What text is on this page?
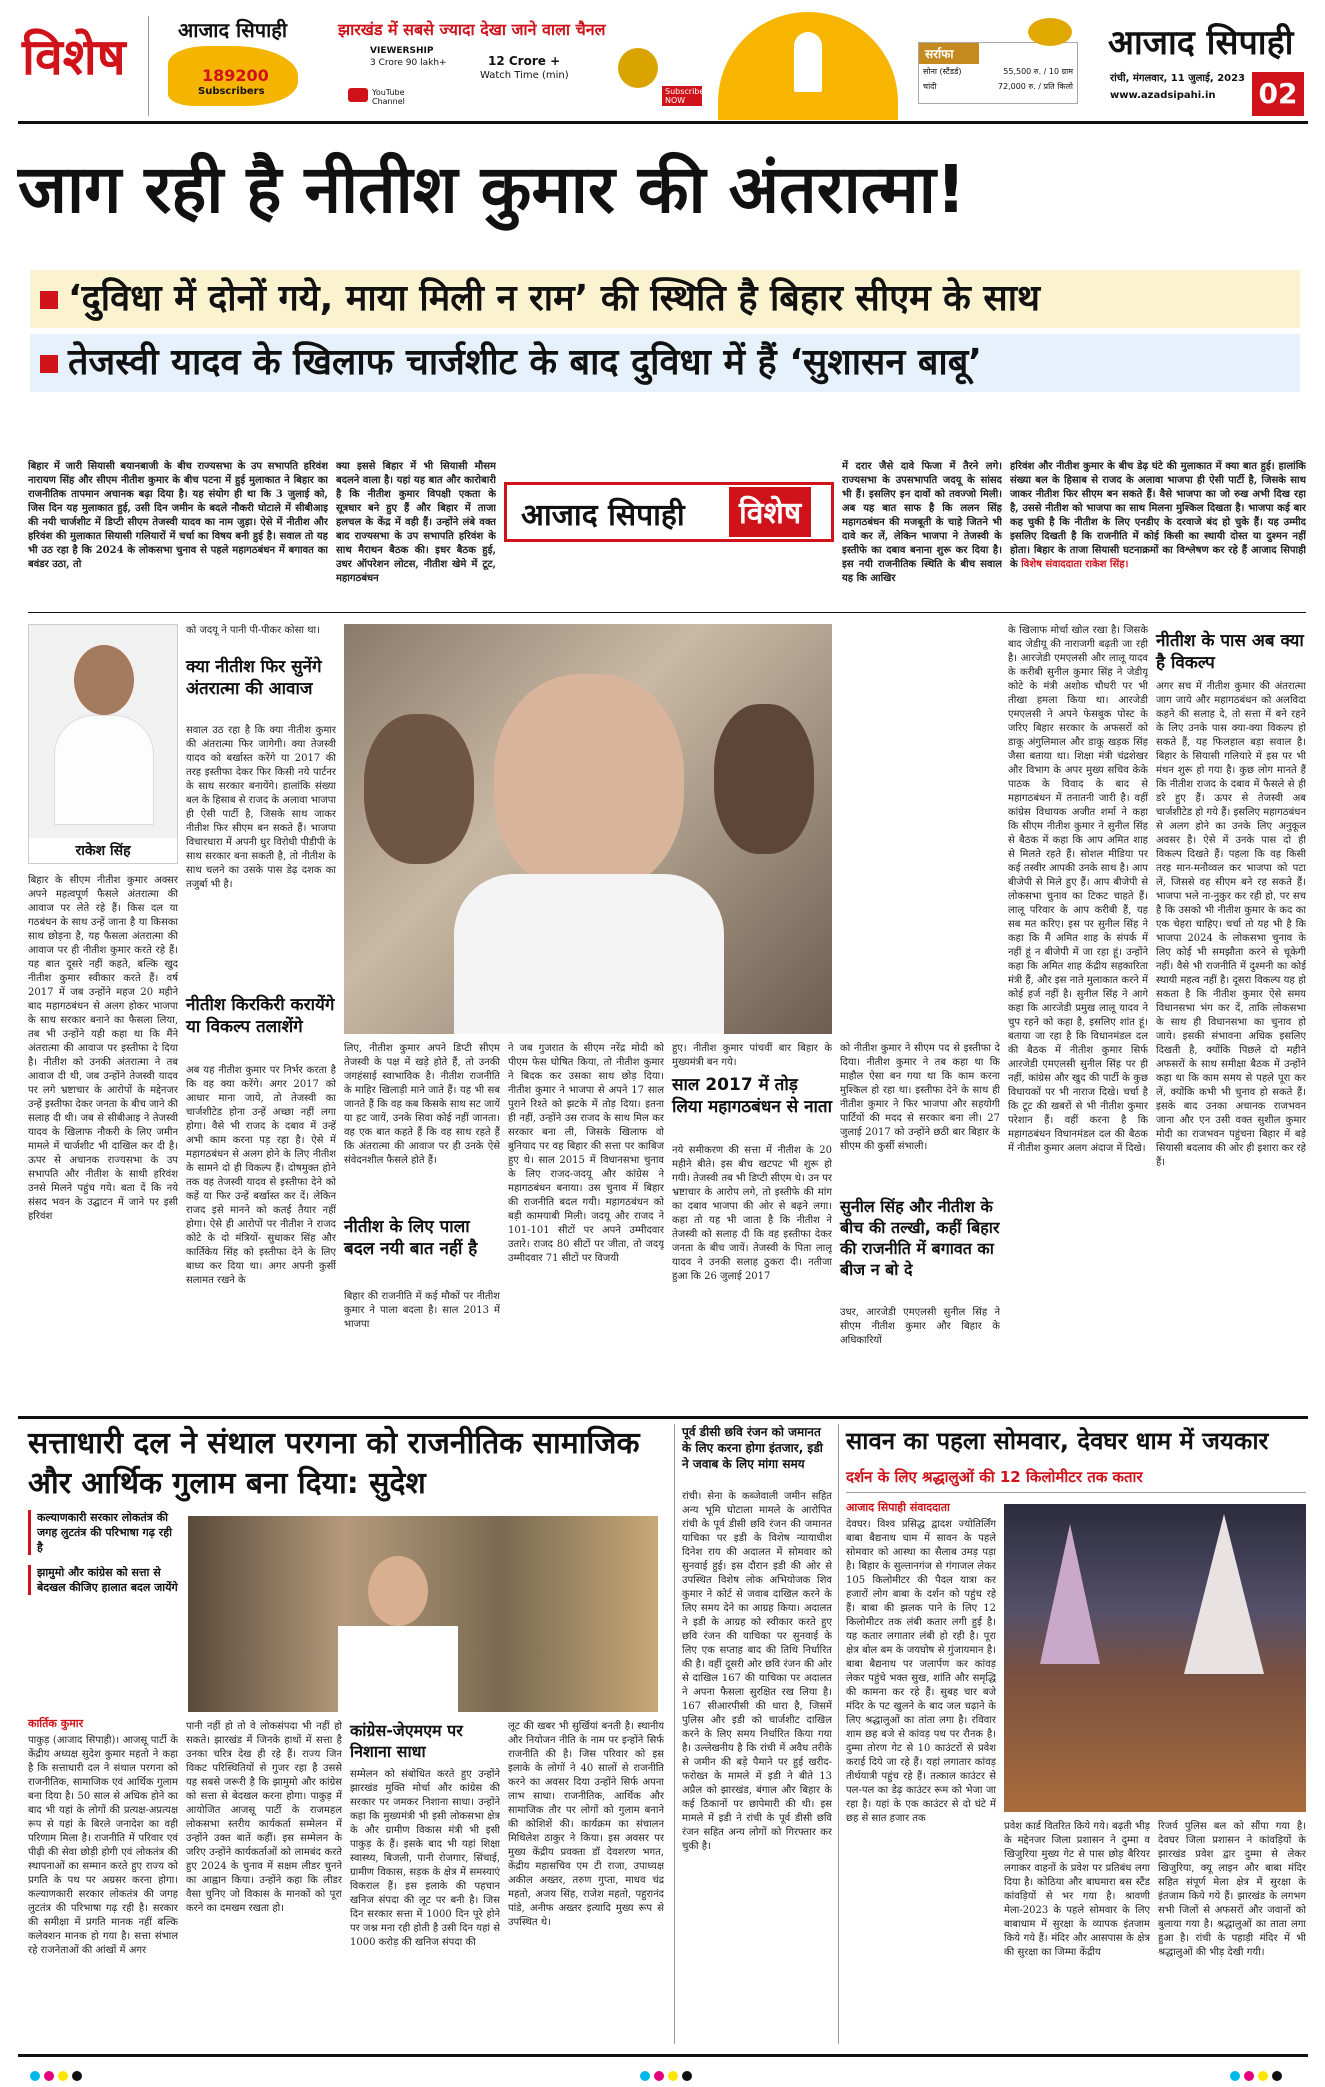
विशेष	आजाद सिपाही	झारखंड में सबसे ज्यादा देखा जाने वाला चैनल
189200
Subscribers
VIEWERSHIP
3 Crore 90 lakh+	12 Crore +
Watch Time (min)
YouTube Channel
Subscribe NOW
सर्राफा
सोना (स्टैंडर्ड)	55,500 रु. / 10 ग्राम
चांदी	72,000 रु. / प्रति किलो
आजाद सिपाही
रांची, मंगलवार, 11 जुलाई, 2023
www.azadsipahi.in 02
जाग रही है नीतीश कुमार की अंतरात्मा!
‘दुविधा में दोनों गये, माया मिली न राम’ की स्थिति है बिहार सीएम के साथ
तेजस्वी यादव के खिलाफ चार्जशीट के बाद दुविधा में हैं ‘सुशासन बाबू’
बिहार में जारी सियासी बयानबाजी के बीच राज्यसभा के उप सभापति हरिवंश नारायण सिंह और सीएम नीतीश कुमार के बीच पटना में हुई मुलाकात ने बिहार का राजनीतिक तापमान अचानक बढ़ा दिया है। यह संयोग ही था कि 3 जुलाई को, जिस दिन यह मुलाकात हुई, उसी दिन जमीन के बदले नौकरी घोटाले में सीबीआइ की नयी चार्जशीट में डिप्टी सीएम तेजस्वी यादव का नाम जुड़ा। ऐसे में नीतीश और हरिवंश की मुलाकात सियासी गलियारों में चर्चा का विषय बनी हुई है। सवाल तो यह भी उठ रहा है कि 2024 के लोकसभा चुनाव से पहले महागठबंधन में बगावत का बवंडर उठा, तो
क्या इससे बिहार में भी सियासी मौसम बदलने वाला है। यहां यह बात और कारोबारी है कि नीतीश कुमार विपक्षी एकता के सूत्रधार बने हुए हैं और बिहार में ताजा हलचल के केंद्र में वही हैं। उन्होंने लंबे वक्त बाद राज्यसभा के उप सभापति हरिवंश के साथ मैराथन बैठक की। इधर बैठक हुई, उधर ऑपरेशन लोटस, नीतीश खेमे में टूट, महागठबंधन
आजाद सिपाही	विशेष
में दरार जैसे दावे फिजा में तैरने लगे। राज्यसभा के उपसभापति जदयू के सांसद भी हैं। इसलिए इन दावों को तवज्जो मिली। अब यह बात साफ है कि ललन सिंह महागठबंधन की मजबूती के चाहे जितने भी दावे कर लें, लेकिन भाजपा ने तेजस्वी के इस्तीफे का दबाव बनाना शुरू कर दिया है। इस नयी राजनीतिक स्थिति के बीच सवाल यह कि आखिर
हरिवंश और नीतीश कुमार के बीच डेढ़ घंटे की मुलाकात में क्या बात हुई। हालांकि संख्या बल के हिसाब से राजद के अलावा भाजपा ही ऐसी पार्टी है, जिसके साथ जाकर नीतीश फिर सीएम बन सकते हैं। वैसे भाजपा का जो रुख अभी दिख रहा है, उससे नीतीश को भाजपा का साथ मिलना मुश्किल दिखता है। भाजपा कई बार कह चुकी है कि नीतीश के लिए एनडीए के दरवाजे बंद हो चुके हैं। यह उम्मीद इसलिए दिखती है कि राजनीति में कोई किसी का स्थायी दोस्त या दुश्मन नहीं होता। बिहार के ताजा सियासी घटनाक्रमों का विश्लेषण कर रहे हैं आजाद सिपाही के विशेष संवाददाता राकेश सिंह।
राकेश सिंह
बिहार के सीएम नीतीश कुमार अक्सर अपने महत्वपूर्ण फैसले अंतरात्मा की आवाज पर लेते रहे हैं। किस दल या गठबंधन के साथ उन्हें जाना है या किसका साथ छोड़ना है, यह फैसला अंतरात्मा की आवाज पर ही नीतीश कुमार करते रहे हैं। यह बात दूसरे नहीं कहते, बल्कि खुद नीतीश कुमार स्वीकार करते हैं। वर्ष 2017 में जब उन्होंने महज 20 महीने बाद महागठबंधन से अलग होकर भाजपा के साथ सरकार बनाने का फैसला लिया, तब भी उन्होंने यही कहा था कि मैंने अंतरात्मा की आवाज पर इस्तीफा दे दिया है। नीतीश को उनकी अंतरात्मा ने तब आवाज दी थी, जब उन्होंने तेजस्वी यादव पर लगे भ्रष्टाचार के आरोपों के मद्देनजर उन्हें इस्तीफा देकर जनता के बीच जाने की सलाह दी थी। जब से सीबीआइ ने तेजस्वी यादव के खिलाफ नौकरी के लिए जमीन मामले में चार्जशीट भी दाखिल कर दी है। ऊपर से अचानक राज्यसभा के उप सभापति और नीतीश के साथी हरिवंश उनसे मिलने पहुंच गये। बता दें कि नये संसद भवन के उद्घाटन में जाने पर इसी हरिवंश
को जदयू ने पानी पी-पीकर कोसा था।
क्या नीतीश फिर सुनेंगे अंतरात्मा की आवाज
सवाल उठ रहा है कि क्या नीतीश कुमार की अंतरात्मा फिर जागेगी। क्या तेजस्वी यादव को बर्खास्त करेंगे या 2017 की तरह इस्तीफा देकर फिर किसी नये पार्टनर के साथ सरकार बनायेंगे। हालांकि संख्या बल के हिसाब से राजद के अलावा भाजपा ही ऐसी पार्टी है, जिसके साथ जाकर नीतीश फिर सीएम बन सकते हैं। भाजपा विचारधारा में अपनी धुर विरोधी पीडीपी के साथ सरकार बना सकती है, तो नीतीश के साथ चलने का उसके पास डेढ़ दशक का तजुर्बा भी है।
नीतीश किरकिरी करायेंगे या विकल्प तलाशेंगे
अब यह नीतीश कुमार पर निर्भर करता है कि वह क्या करेंगे। अगर 2017 को आधार माना जाये, तो तेजस्वी का चार्जशीटेड होना उन्हें अच्छा नहीं लगा होगा। वैसे भी राजद के दबाव में उन्हें अभी काम करना पड़ रहा है। ऐसे में महागठबंधन से अलग होने के लिए नीतीश के सामने दो ही विकल्प हैं। दोषमुक्त होने तक वह तेजस्वी यादव से इस्तीफा देने को कहें या फिर उन्हें बर्खास्त कर दें। लेकिन राजद इसे मानने को कतई तैयार नहीं होगा। ऐसे ही आरोपों पर नीतीश ने राजद कोटे के दो मंत्रियों- सुधाकर सिंह और कार्तिकेय सिंह को इस्तीफा देने के लिए बाध्य कर दिया था। अगर अपनी कुर्सी सलामत रखने के
लिए, नीतीश कुमार अपने डिप्टी सीएम तेजस्वी के पक्ष में खड़े होते हैं, तो उनकी जगहंसाई स्वाभाविक है। नीतीश राजनीति के माहिर खिलाड़ी माने जाते हैं। यह भी सब जानते हैं कि वह कब किसके साथ सट जायें या हट जायें, उनके सिवा कोई नहीं जानता। वह एक बात कहते हैं कि वह साथ रहते हैं कि अंतरात्मा की आवाज पर ही उनके ऐसे संवेदनशील फैसले होते हैं।
नीतीश के लिए पाला बदल नयी बात नहीं है
बिहार की राजनीति में कई मौकों पर नीतीश कुमार ने पाला बदला है। साल 2013 में भाजपा
ने जब गुजरात के सीएम नरेंद्र मोदी को पीएम फेस घोषित किया, तो नीतीश कुमार ने बिदक कर उसका साथ छोड़ दिया। नीतीश कुमार ने भाजपा से अपने 17 साल पुराने रिश्ते को झटके में तोड़ दिया। इतना ही नहीं, उन्होंने उस राजद के साथ मिल कर सरकार बना ली, जिसके खिलाफ वो बुनियाद पर वह बिहार की सत्ता पर काबिज हुए थे। साल 2015 में विधानसभा चुनाव के लिए राजद-जदयू और कांग्रेस ने महागठबंधन बनाया। उस चुनाव में बिहार की राजनीति बदल गयी। महागठबंधन को बड़ी कामयाबी मिली। जदयू और राजद ने 101-101 सीटों पर अपने उम्मीदवार उतारे। राजद 80 सीटों पर जीता, तो जदयू उम्मीदवार 71 सीटों पर विजयी
हुए। नीतीश कुमार पांचवीं बार बिहार के मुख्यमंत्री बन गये।
साल 2017 में तोड़ लिया महागठबंधन से नाता
नये समीकरण की सत्ता में नीतीश के 20 महीने बीते। इस बीच खटपट भी शुरू हो गयी। तेजस्वी तब भी डिप्टी सीएम थे। उन पर भ्रष्टाचार के आरोप लगे, तो इस्तीफे की मांग का दबाव भाजपा की ओर से बढ़ने लगा। कहा तो यह भी जाता है कि नीतीश ने तेजस्वी को सलाह दी कि वह इस्तीफा देकर जनता के बीच जायें। तेजस्वी के पिता लालू यादव ने उनकी सलाह ठुकरा दी। नतीजा हुआ कि 26 जुलाई 2017
को नीतीश कुमार ने सीएम पद से इस्तीफा दे दिया। नीतीश कुमार ने तब कहा था कि माहौल ऐसा बन गया था कि काम करना मुश्किल हो रहा था। इस्तीफा देने के साथ ही नीतीश कुमार ने फिर भाजपा और सहयोगी पार्टियों की मदद से सरकार बना ली। 27 जुलाई 2017 को उन्होंने छठी बार बिहार के सीएम की कुर्सी संभाली।
सुनील सिंह और नीतीश के बीच की तल्खी, कहीं बिहार की राजनीति में बगावत का बीज न बो दे
उधर, आरजेडी एमएलसी सुनील सिंह ने सीएम नीतीश कुमार और बिहार के अधिकारियों
के खिलाफ मोर्चा खोल रखा है। जिसके बाद जेडीयू की नाराजगी बढ़ती जा रही है। आरजेडी एमएलसी और लालू यादव के करीबी सुनील कुमार सिंह ने जेडीयू कोटे के मंत्री अशोक चौधरी पर भी तीखा हमला किया था। आरजेडी एमएलसी ने अपने फेसबुक पोस्ट के जरिए बिहार सरकार के अफसरों को डाकू अंगुलिमाल और डाकू खड़क सिंह जैसा बताया था। शिक्षा मंत्री चंद्रशेखर और विभाग के अपर मुख्य सचिव केके पाठक के विवाद के बाद से महागठबंधन में तनातनी जारी है। वहीं कांग्रेस विधायक अजीत शर्मा ने कहा कि सीएम नीतीश कुमार ने सुनील सिंह से बैठक में कहा कि आप अमित शाह से मिलते रहते हैं। सोशल मीडिया पर कई तस्वीर आपकी उनके साथ है। आप बीजेपी से मिले हुए हैं। आप बीजेपी से लोकसभा चुनाव का टिकट चाहते हैं। लालू परिवार के आप करीबी हैं, यह सब मत करिए। इस पर सुनील सिंह ने कहा कि मैं अमित शाह के संपर्क में नहीं हूं न बीजेपी में जा रहा हूं। उन्होंने कहा कि अमित शाह केंद्रीय सहकारिता मंत्री हैं, और इस नाते मुलाकात करने में कोई हर्ज नहीं है। सुनील सिंह ने आगे कहा कि आरजेडी प्रमुख लालू यादव ने चुप रहने को कहा है, इसलिए शांत हूं। बताया जा रहा है कि विधानमंडल दल की बैठक में नीतीश कुमार सिर्फ आरजेडी एमएलसी सुनील सिंह पर ही नहीं, कांग्रेस और खुद की पार्टी के कुछ विधायकों पर भी नाराज दिखे। चर्चा है कि टूट की खबरों से भी नीतीश कुमार परेशान हैं। वहीं करना है कि महागठबंधन विधानमंडल दल की बैठक में नीतीश कुमार अलग अंदाज में दिखे।
नीतीश के पास अब क्या है विकल्प
अगर सच में नीतीश कुमार की अंतरात्मा जाग जाये और महागठबंधन को अलविदा कहने की सलाह दे, तो सत्ता में बने रहने के लिए उनके पास क्या-क्या विकल्प हो सकते हैं, यह फिलहाल बड़ा सवाल है। बिहार के सियासी गलियारे में इस पर भी मंथन शुरू हो गया है। कुछ लोग मानते हैं कि नीतीश राजद के दबाव में फैसले से ही डरे हुए हैं। ऊपर से तेजस्वी अब चार्जशीटेड हो गये हैं। इसलिए महागठबंधन से अलग होने का उनके लिए अनुकूल अवसर है। ऐसे में उनके पास दो ही विकल्प दिखते हैं। पहला कि वह किसी तरह मान-मनौव्वल कर भाजपा को पटा लें, जिससे वह सीएम बने रह सकते हैं। भाजपा भले ना-नुकुर कर रही हो, पर सच है कि उसको भी नीतीश कुमार के कद का एक चेहरा चाहिए। चर्चा तो यह भी है कि भाजपा 2024 के लोकसभा चुनाव के लिए कोई भी समझौता करने से चूकेगी नहीं। वैसे भी राजनीति में दुश्मनी का कोई स्थायी महत्व नहीं है। दूसरा विकल्प यह हो सकता है कि नीतीश कुमार ऐसे समय विधानसभा भंग कर दें, ताकि लोकसभा के साथ ही विधानसभा का चुनाव हो जाये। इसकी संभावना अधिक इसलिए दिखती है, क्योंकि पिछले दो महीने अफसरों के साथ समीक्षा बैठक में उन्होंने कहा था कि काम समय से पहले पूरा कर लें, क्योंकि कभी भी चुनाव हो सकते हैं। इसके बाद उनका अचानक राजभवन जाना और एन उसी वक्त सुशील कुमार मोदी का राजभवन पहुंचना बिहार में बड़े सियासी बदलाव की ओर ही इशारा कर रहे हैं।
सत्ताधारी दल ने संथाल परगना को राजनीतिक सामाजिक और आर्थिक गुलाम बना दिया: सुदेश
कल्याणकारी सरकार लोकतंत्र की जगह लुटतंत्र की परिभाषा गढ़ रही है
झामुमो और कांग्रेस को सत्ता से बेदखल कीजिए हालात बदल जायेंगे
कार्तिक कुमार
पाकुड़ (आजाद सिपाही)। आजसू पार्टी के केंद्रीय अध्यक्ष सुदेश कुमार महतो ने कहा है कि सत्ताधारी दल ने संथाल परगना को राजनीतिक, सामाजिक एवं आर्थिक गुलाम बना दिया है। 50 साल से अधिक होने का बाद भी यहां के लोगों की प्रत्यक्ष-अप्रत्यक्ष रूप से यहां के बिरले जनादेश का वही परिणाम मिला है। राजनीति में परिवार एवं पीढ़ी की सेवा छोड़ी होगी एवं लोकतंत्र की स्थापनाओं का सम्मान करते हुए राज्य को प्रगति के पथ पर अग्रसर करना होगा। कल्याणकारी सरकार लोकतंत्र की जगह लुटतंत्र की परिभाषा गढ़ रही है। सरकार की समीक्षा में प्रगति मानक नहीं बल्कि कलेक्शन मानक हो गया है। सत्ता संभाल रहे राजनेताओं की आंखों में अगर
पानी नहीं हो तो वे लोकसंपदा भी नहीं हो सकते। झारखंड में जिनके हाथों में सत्ता है उनका चरित्र देख ही रहे हैं। राज्य जिन विकट परिस्थितियों से गुजर रहा है उससे यह सबसे जरूरी है कि झामुमो और कांग्रेस को सत्ता से बेदखल करना होगा। पाकुड़ में आयोजित आजसू पार्टी के राजमहल लोकसभा स्तरीय कार्यकर्ता सम्मेलन में उन्होंने उक्त बातें कहीं। इस सम्मेलन के जरिए उन्होंने कार्यकर्ताओं को लामबंद करते हुए 2024 के चुनाव में सक्षम लीडर चुनने का आह्वान किया। उन्होंने कहा कि लीडर वैसा चुनिए जो विकास के मानकों को पूरा करने का दमखम रखता हो।
कांग्रेस-जेएमएम पर निशाना साधा
सम्मेलन को संबोधित करते हुए उन्होंने झारखंड मुक्ति मोर्चा और कांग्रेस की सरकार पर जमकर निशाना साधा। उन्होंने कहा कि मुख्यमंत्री भी इसी लोकसभा क्षेत्र के और ग्रामीण विकास मंत्री भी इसी पाकुड़ के हैं। इसके बाद भी यहां शिक्षा स्वास्थ्य, बिजली, पानी रोजगार, सिंचाई, ग्रामीण विकास, सड़क के क्षेत्र में समस्याएं विकराल हैं। इस इलाके की पहचान खनिज संपदा की लूट पर बनी है। जिस दिन सरकार सत्ता में 1000 दिन पूरे होने पर जश्न मना रही होती है उसी दिन यहां से 1000 करोड़ की खनिज संपदा की
लूट की खबर भी सुर्खियां बनती है। स्थानीय और नियोजन नीति के नाम पर इन्होंने सिर्फ राजनीति की है। जिस परिवार को इस इलाके के लोगों ने 40 सालों से राजनीति करने का अवसर दिया उन्होंने सिर्फ अपना लाभ साधा। राजनीतिक, आर्थिक और सामाजिक तौर पर लोगों को गुलाम बनाने की कोशिशें की। कार्यक्रम का संचालन मिथिलेश ठाकुर ने किया। इस अवसर पर मुख्य केंद्रीय प्रवक्ता डॉ देवशरण भगत, केंद्रीय महासचिव एम टी राजा, उपाध्यक्ष अकील अख्तर, तरुण गुप्ता, माधव चंद्र महतो, अजय सिंह, राजेश महतो, पहुरानंद पांडे, अनीफ अख्तर इत्यादि मुख्य रूप से उपस्थित थे।
पूर्व डीसी छवि रंजन को जमानत के लिए करना होगा इंतजार, इडी ने जवाब के लिए मांगा समय
रांची। सेना के कब्जेवाली जमीन सहित अन्य भूमि घोटाला मामले के आरोपित रांची के पूर्व डीसी छवि रंजन की जमानत याचिका पर इडी के विशेष न्यायाधीश दिनेश राय की अदालत में सोमवार को सुनवाई हुई। इस दौरान इडी की ओर से उपस्थित विशेष लोक अभियोजक शिव कुमार ने कोर्ट से जवाब दाखिल करने के लिए समय देने का आग्रह किया। अदालत ने इडी के आग्रह को स्वीकार करते हुए छवि रंजन की याचिका पर सुनवाई के लिए एक सप्ताह बाद की तिथि निर्धारित की है। वहीं दूसरी ओर छवि रंजन की ओर से दाखिल 167 की याचिका पर अदालत ने अपना फैसला सुरक्षित रख लिया है। 167 सीआरपीसी की धारा है, जिसमें पुलिस और इडी को चार्जशीट दाखिल करने के लिए समय निर्धारित किया गया है। उल्लेखनीय है कि रांची में अवैध तरीके से जमीन की बड़े पैमाने पर हुई खरीद-फरोख्त के मामले में इडी ने बीते 13 अप्रैल को झारखंड, बंगाल और बिहार के कई ठिकानों पर छापेमारी की थी। इस मामले में इडी ने रांची के पूर्व डीसी छवि रंजन सहित अन्य लोगों को गिरफ्तार कर चुकी है।
सावन का पहला सोमवार, देवघर धाम में जयकार
दर्शन के लिए श्रद्धालुओं की 12 किलोमीटर तक कतार
आजाद सिपाही संवाददाता
देवघर। विश्व प्रसिद्ध द्वादश ज्योतिर्लिंग बाबा बैद्यनाथ धाम में सावन के पहले सोमवार को आस्था का सैलाब उमड़ पड़ा है। बिहार के सुल्तानगंज से गंगाजल लेकर 105 किलोमीटर की पैदल यात्रा कर हजारों लोग बाबा के दर्शन को पहुंच रहे हैं। बाबा की झलक पाने के लिए 12 किलोमीटर तक लंबी कतार लगी हुई है। यह कतार लगातार लंबी हो रही है। पूरा क्षेत्र बोल बम के जयघोष से गुंजायमान है। बाबा बैद्यनाथ पर जलार्पण कर कांवड़ लेकर पहुंचे भक्त सुख, शांति और समृद्धि की कामना कर रहे हैं। सुबह चार बजे मंदिर के पट खुलने के बाद जल चढ़ाने के लिए श्रद्धालुओं का तांता लगा है। रविवार शाम छह बजे से कांवड़ पथ पर रौनक है। दुम्मा तोरण गेट से 10 काउंटरों से प्रवेश कराई दिये जा रहे हैं। यहां लगातार कांवड़ तीर्थयात्री पहुंच रहे हैं। तत्काल काउंटर से पल-पल का डेढ़ काउंटर रूम को भेजा जा रहा है। यहां के एक काउंटर से दो घंटे में छह से सात हजार तक
प्रवेश कार्ड वितरित किये गये। बढ़ती भीड़ के मद्देनजर जिला प्रशासन ने दुम्मा व खिजुरिया मुख्य गेट से पास छोड़ बैरियर लगाकर वाहनों के प्रवेश पर प्रतिबंध लगा दिया है। कोठिया और बाघमारा बस स्टैंड कांवड़ियों से भर गया है। श्रावणी मेला-2023 के पहले सोमवार के लिए बाबाधाम में सुरक्षा के व्यापक इंतजाम किये गये हैं। मंदिर और आसपास के क्षेत्र की सुरक्षा का जिम्मा केंद्रीय
रिजर्व पुलिस बल को सौंपा गया है। देवघर जिला प्रशासन ने कांवड़ियों के झारखंड प्रवेश द्वार दुम्मा से लेकर खिजुरिया, क्यू लाइन और बाबा मंदिर सहित संपूर्ण मेला क्षेत्र में सुरक्षा के इंतजाम किये गये हैं। झारखंड के लगभग सभी जिलों से अफसरों और जवानों को बुलाया गया है। श्रद्धालुओं का ताता लगा हुआ है। रांची के पहाड़ी मंदिर में भी श्रद्धालुओं की भीड़ देखी गयी।
